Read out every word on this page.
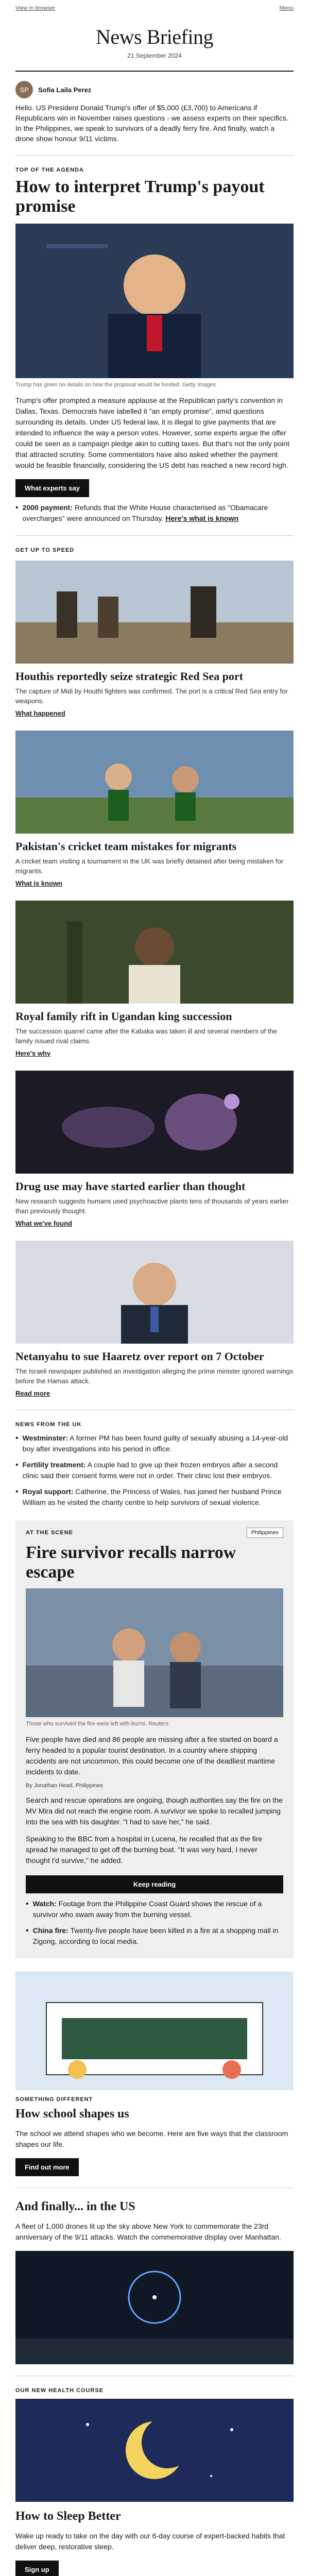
View in browser	Menu
News Briefing
21 September 2024
SP	Sofia Laila Perez
Hello. US President Donald Trump's offer of $5,000 (£3,700) to Americans if Republicans win in November raises questions - we assess experts on their specifics. In the Philippines, we speak to survivors of a deadly ferry fire. And finally, watch a drone show honour 9/11 victims.
TOP OF THE AGENDA
How to interpret Trump's payout promise
Trump has given no details on how the proposal would be funded. Getty Images
Trump's offer prompted a measure applause at the Republican party's convention in Dallas, Texas. Democrats have labelled it "an empty promise", amid questions surrounding its details. Under US federal law, it is illegal to give payments that are intended to influence the way a person votes. However, some experts argue the offer could be seen as a campaign pledge akin to cutting taxes. But that's not the only point that attracted scrutiny. Some commentators have also asked whether the payment would be feasible financially, considering the US debt has reached a new record high.
What experts say
• 2000 payment: Refunds that the White House characterised as "Obamacare overcharges" were announced on Thursday. Here's what is known
GET UP TO SPEED
Houthis reportedly seize strategic Red Sea port

The capture of Midi by Houthi fighters was confirmed. The port is a critical Red Sea entry for weapons.

What happened
Pakistan's cricket team mistakes for migrants

A cricket team visiting a tournament in the UK was briefly detained after being mistaken for migrants.

What is known
Royal family rift in Ugandan king succession

The succession quarrel came after the Kabaka was taken ill and several members of the family issued rival claims.

Here's why
Drug use may have started earlier than thought

New research suggests humans used psychoactive plants tens of thousands of years earlier than previously thought.

What we've found
Netanyahu to sue Haaretz over report on 7 October

The Israeli newspaper published an investigation alleging the prime minister ignored warnings before the Hamas attack.

Read more
NEWS FROM THE UK
• Westminster: A former PM has been found guilty of sexually abusing a 14-year-old boy after investigations into his period in office.
• Fertility treatment: A couple had to give up their frozen embryos after a second clinic said their consent forms were not in order. Their clinic lost their embryos.
• Royal support: Catherine, the Princess of Wales, has joined her husband Prince William as he visited the charity centre to help survivors of sexual violence.
AT THE SCENE	Philippines
Fire survivor recalls narrow escape
Those who survived the fire were left with burns. Reuters
Five people have died and 86 people are missing after a fire started on board a ferry headed to a popular tourist destination. In a country where shipping accidents are not uncommon, this could become one of the deadliest maritime incidents to date.
By Jonathan Head, Philippines
Search and rescue operations are ongoing, though authorities say the fire on the MV Mira did not reach the engine room. A survivor we spoke to recalled jumping into the sea with his daughter. "I had to save her," he said.
Speaking to the BBC from a hospital in Lucena, he recalled that as the fire spread he managed to get off the burning boat. "It was very hard, I never thought I'd survive," he added.
Keep reading
• Watch: Footage from the Philippine Coast Guard shows the rescue of a survivor who swam away from the burning vessel.
• China fire: Twenty-five people have been killed in a fire at a shopping mall in Zigong, according to local media.
SOMETHING DIFFERENT
How school shapes us
The school we attend shapes who we become. Here are five ways that the classroom shapes our life.
Find out more
And finally... in the US
A fleet of 1,000 drones lit up the sky above New York to commemorate the 23rd anniversary of the 9/11 attacks. Watch the commemorative display over Manhattan.
OUR NEW HEALTH COURSE
How to Sleep Better
Wake up ready to take on the day with our 6-day course of expert-backed habits that deliver deep, restorative sleep.
Sign up
